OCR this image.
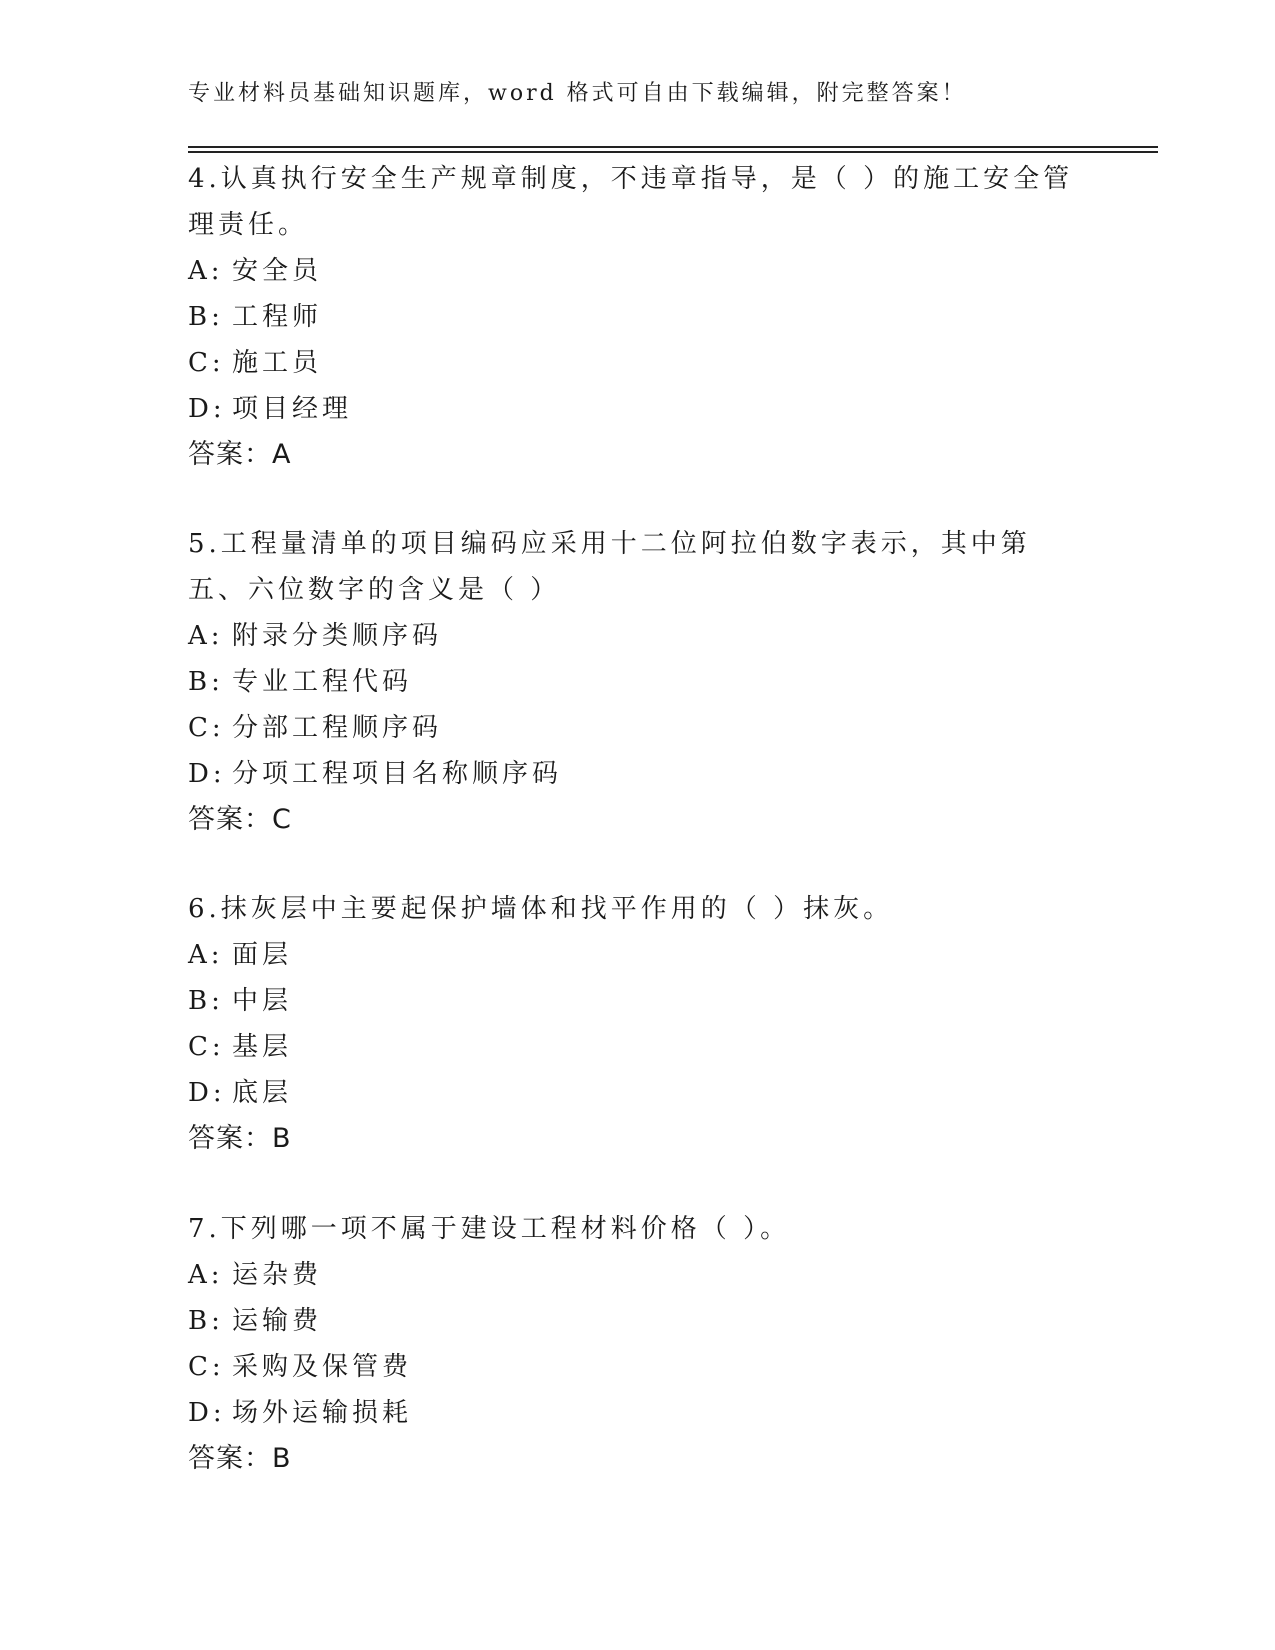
专业材料员基础知识题库，word 格式可自由下载编辑，附完整答案！

4.认真执行安全生产规章制度，不违章指导，是（ ）的施工安全管理责任。

A: 安全员

B: 工程师

C: 施工员

D: 项目经理

答案：A

5.工程量清单的项目编码应采用十二位阿拉伯数字表示，其中第五、六位数字的含义是（ ）

A: 附录分类顺序码

B: 专业工程代码

C: 分部工程顺序码

D: 分项工程项目名称顺序码

答案：C

6.抹灰层中主要起保护墙体和找平作用的（ ）抹灰。

A: 面层

B: 中层

C: 基层

D: 底层

答案：B

7.下列哪一项不属于建设工程材料价格（ ）。

A: 运杂费

B: 运输费

C: 采购及保管费

D: 场外运输损耗

答案：B
